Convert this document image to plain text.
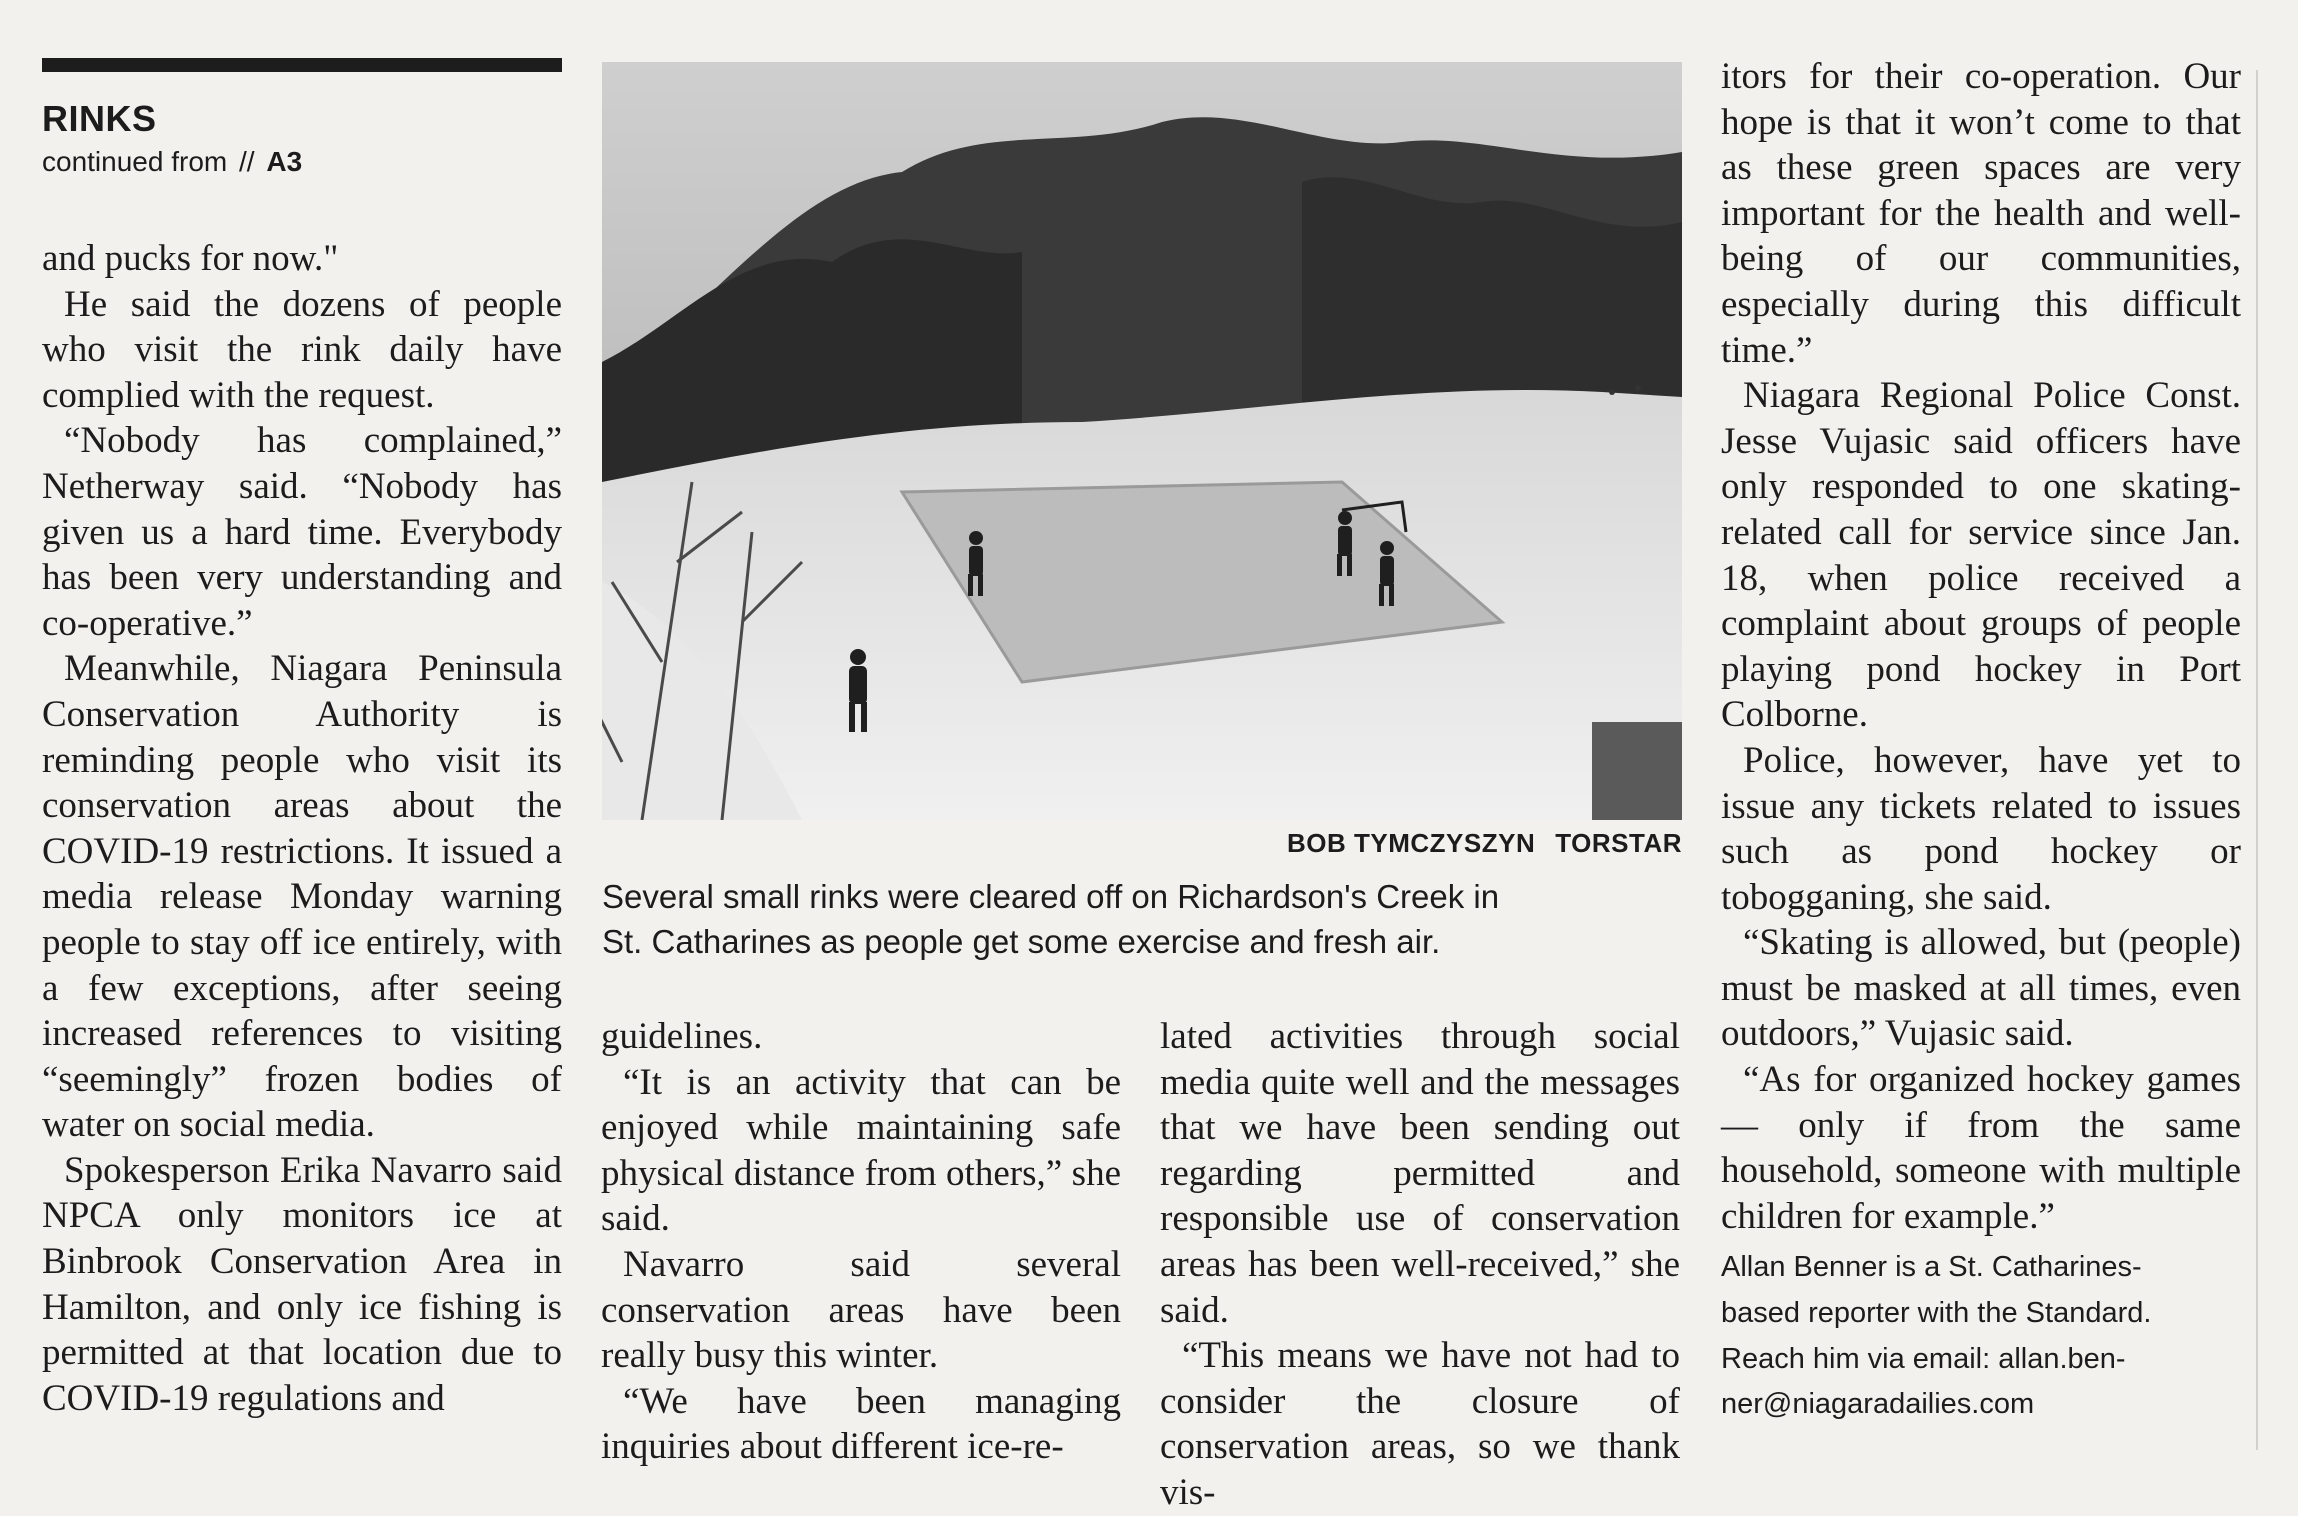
RINKS
continued from // A3

and pucks for now."

He said the dozens of people who visit the rink daily have complied with the request.

“Nobody has complained,” Netherway said. “Nobody has given us a hard time. Everybody has been very understanding and co-operative.”

Meanwhile, Niagara Peninsula Conservation Authority is reminding people who visit its conservation areas about the COVID-19 restrictions. It issued a media release Monday warning people to stay off ice entirely, with a few exceptions, after seeing increased references to visiting “seemingly” frozen bodies of water on social media.

Spokesperson Erika Navarro said NPCA only monitors ice at Binbrook Conservation Area in Hamilton, and only ice fishing is permitted at that location due to COVID-19 regulations and

BOB TYMCZYSZYN TORSTAR
Several small rinks were cleared off on Richardson's Creek in
St. Catharines as people get some exercise and fresh air.

guidelines.

“It is an activity that can be enjoyed while maintaining safe physical distance from others,” she said.

Navarro said several conservation areas have been really busy this winter.

“We have been managing inquiries about different ice-re-

lated activities through social media quite well and the messages that we have been sending out regarding permitted and responsible use of conservation areas has been well-received,” she said.

“This means we have not had to consider the closure of conservation areas, so we thank vis-

itors for their co-operation. Our hope is that it won’t come to that as these green spaces are very important for the health and well-being of our communities, especially during this difficult time.”

Niagara Regional Police Const. Jesse Vujasic said officers have only responded to one skating-related call for service since Jan. 18, when police received a complaint about groups of people playing pond hockey in Port Colborne.

Police, however, have yet to issue any tickets related to issues such as pond hockey or tobogganing, she said.

“Skating is allowed, but (people) must be masked at all times, even outdoors,” Vujasic said.

“As for organized hockey games — only if from the same household, someone with multiple children for example.”

Allan Benner is a St. Catharines-
based reporter with the Standard.
Reach him via email: allan.ben-
ner@niagaradailies.com
